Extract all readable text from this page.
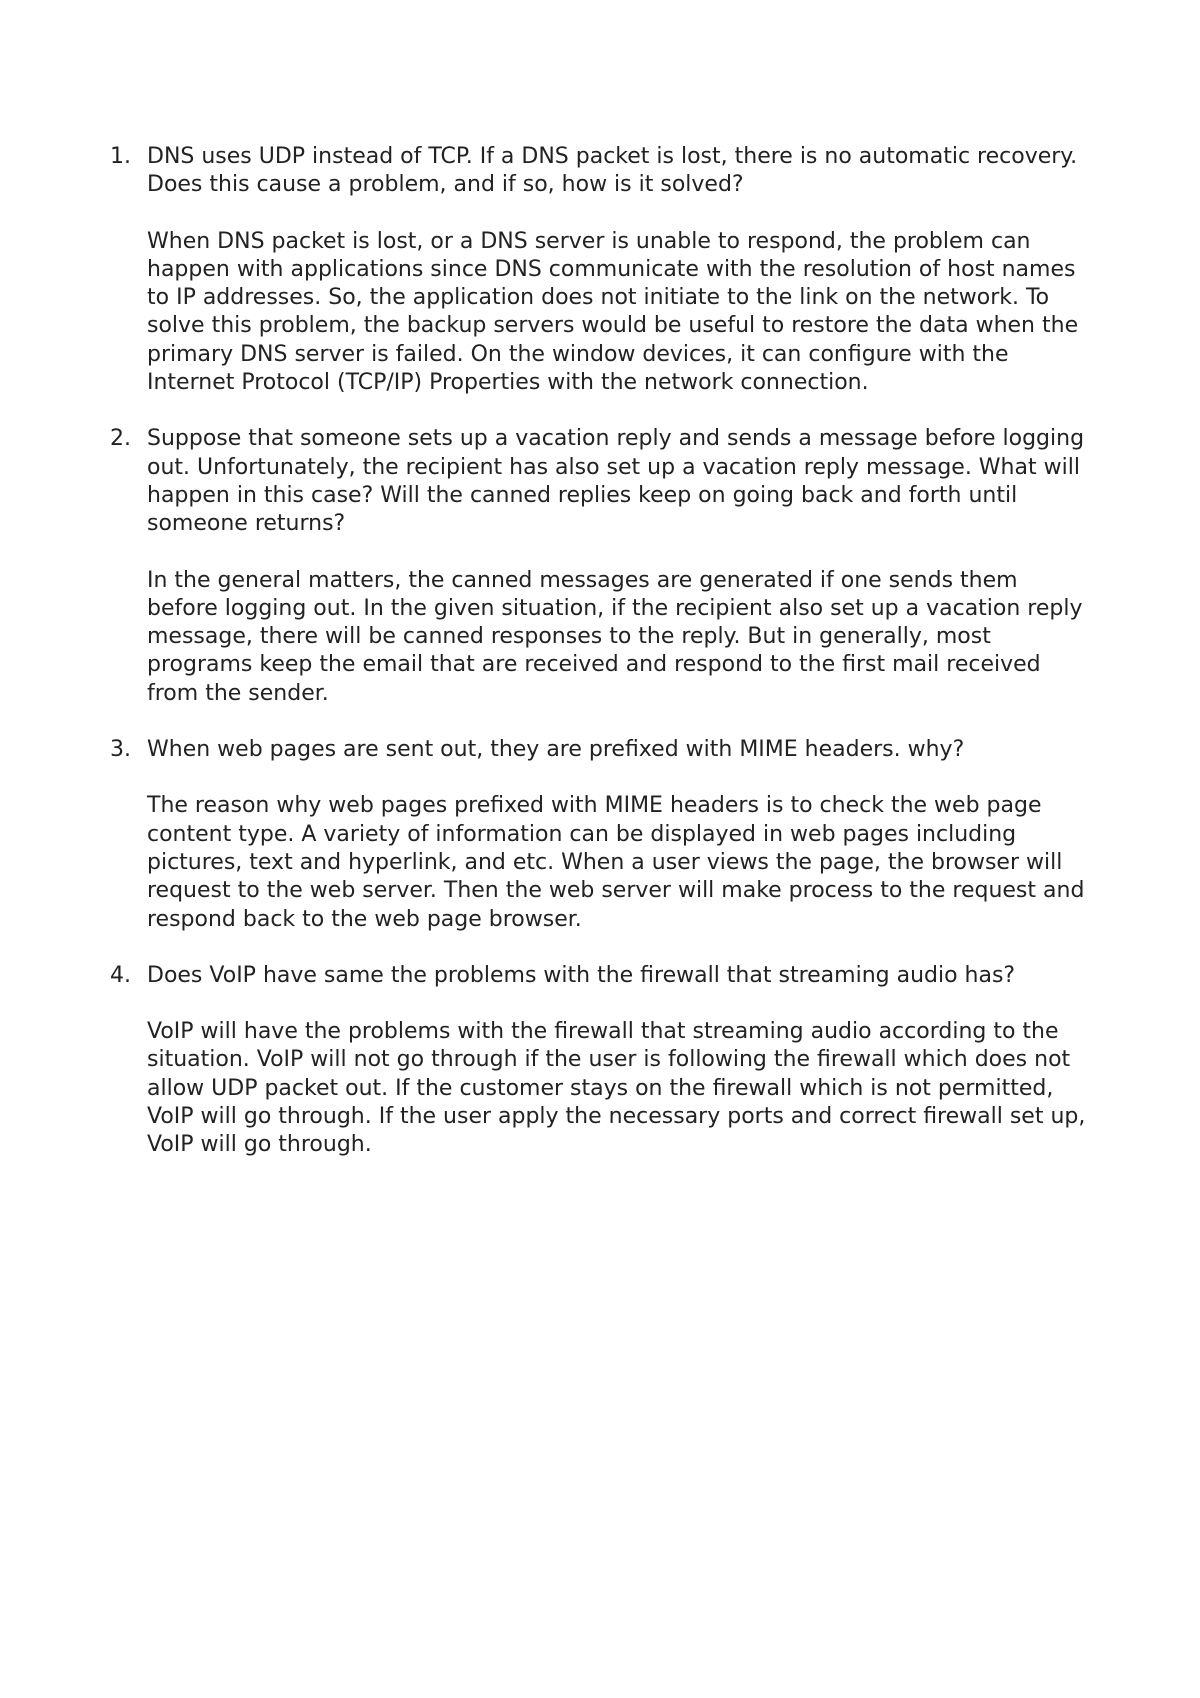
1. DNS uses UDP instead of TCP. If a DNS packet is lost, there is no automatic recovery. Does this cause a problem, and if so, how is it solved?

When DNS packet is lost, or a DNS server is unable to respond, the problem can happen with applications since DNS communicate with the resolution of host names to IP addresses. So, the application does not initiate to the link on the network. To solve this problem, the backup servers would be useful to restore the data when the primary DNS server is failed. On the window devices, it can configure with the Internet Protocol (TCP/IP) Properties with the network connection.

2. Suppose that someone sets up a vacation reply and sends a message before logging out. Unfortunately, the recipient has also set up a vacation reply message. What will happen in this case? Will the canned replies keep on going back and forth until someone returns?

In the general matters, the canned messages are generated if one sends them before logging out. In the given situation, if the recipient also set up a vacation reply message, there will be canned responses to the reply. But in generally, most programs keep the email that are received and respond to the first mail received from the sender.

3. When web pages are sent out, they are prefixed with MIME headers. why?

The reason why web pages prefixed with MIME headers is to check the web page content type. A variety of information can be displayed in web pages including pictures, text and hyperlink, and etc. When a user views the page, the browser will request to the web server. Then the web server will make process to the request and respond back to the web page browser.

4. Does VoIP have same the problems with the firewall that streaming audio has?

VoIP will have the problems with the firewall that streaming audio according to the situation. VoIP will not go through if the user is following the firewall which does not allow UDP packet out. If the customer stays on the firewall which is not permitted, VoIP will go through. If the user apply the necessary ports and correct firewall set up, VoIP will go through.
